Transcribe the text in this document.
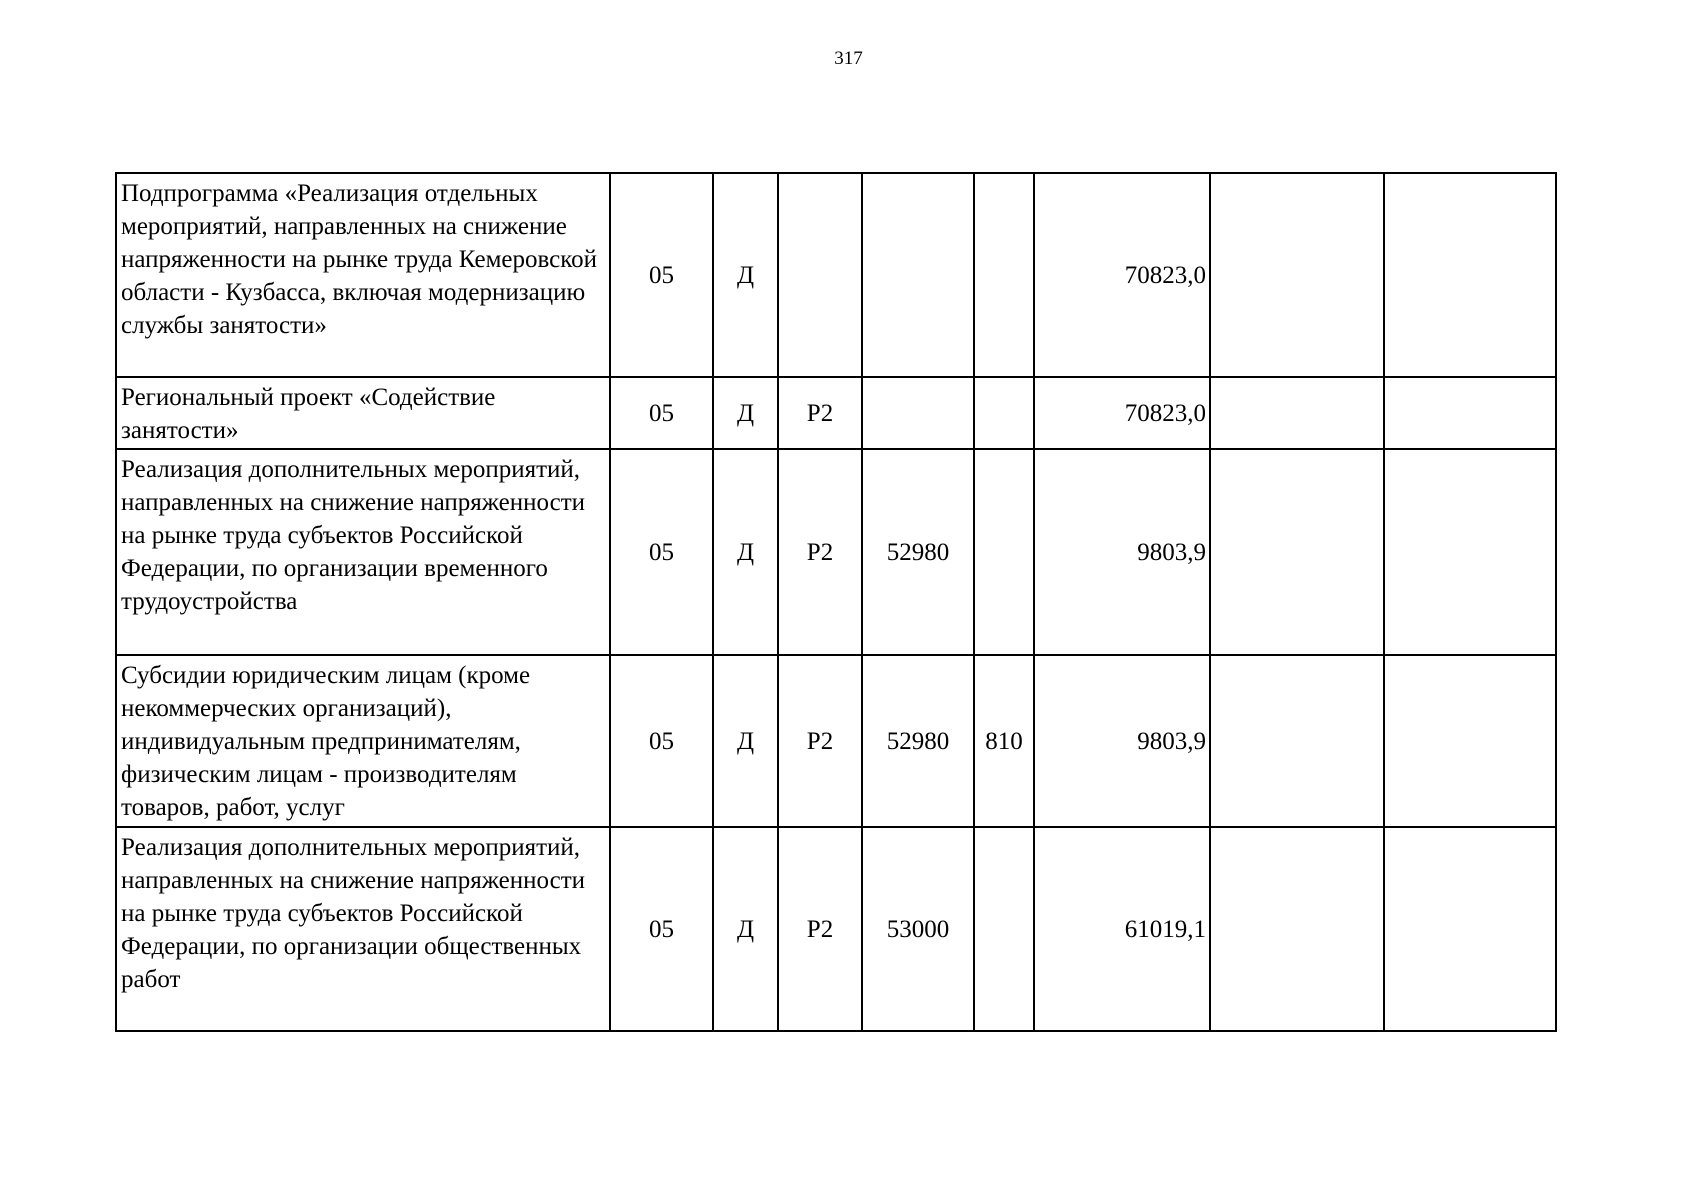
317
Подпрограмма «Реализация отдельных мероприятий, направленных на снижение напряженности на рынке труда Кемеровской области - Кузбасса, включая модернизацию службы занятости»	05	Д				70823,0		

Региональный проект «Содействие занятости»	05	Д	P2			70823,0		

Реализация дополнительных мероприятий, направленных на снижение напряженности на рынке труда субъектов Российской Федерации, по организации временного трудоустройства	05	Д	P2	52980		9803,9		

Субсидии юридическим лицам (кроме некоммерческих организаций), индивидуальным предпринимателям, физическим лицам - производителям товаров, работ, услуг	05	Д	P2	52980	810	9803,9		

Реализация дополнительных мероприятий, направленных на снижение напряженности на рынке труда субъектов Российской Федерации, по организации общественных работ	05	Д	P2	53000		61019,1		
